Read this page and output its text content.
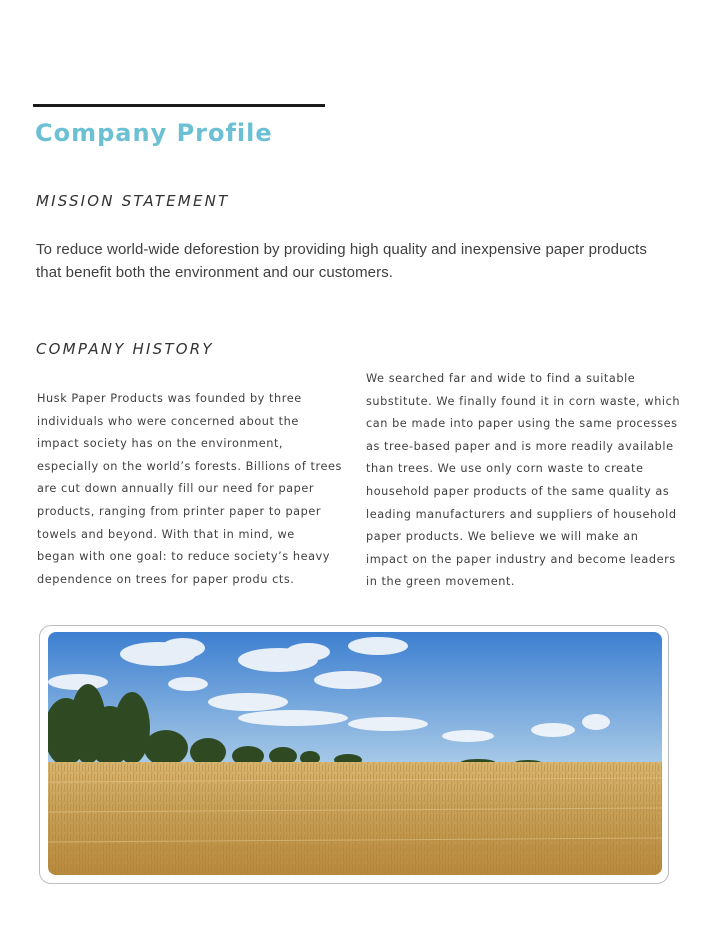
Company Profile
MISSION STATEMENT
To reduce world-wide deforestion by providing high quality and inexpensive paper products that benefit both the environment and our customers.
COMPANY HISTORY
Husk Paper Products was founded by three
individuals who were concerned about the
impact society has on the environment,
especially on the world’s forests. Billions of trees
are cut down annually fill our need for paper
products, ranging from printer paper to paper
towels and beyond. With that in mind, we
began with one goal: to reduce society’s heavy
dependence on trees for paper produ cts.
We searched far and wide to find a suitable
substitute. We finally found it in corn waste, which
can be made into paper using the same processes
as tree-based paper and is more readily available
than trees. We use only corn waste to create
household paper products of the same quality as
leading manufacturers and suppliers of household
paper products. We believe we will make an
impact on the paper industry and become leaders
in the green movement.
